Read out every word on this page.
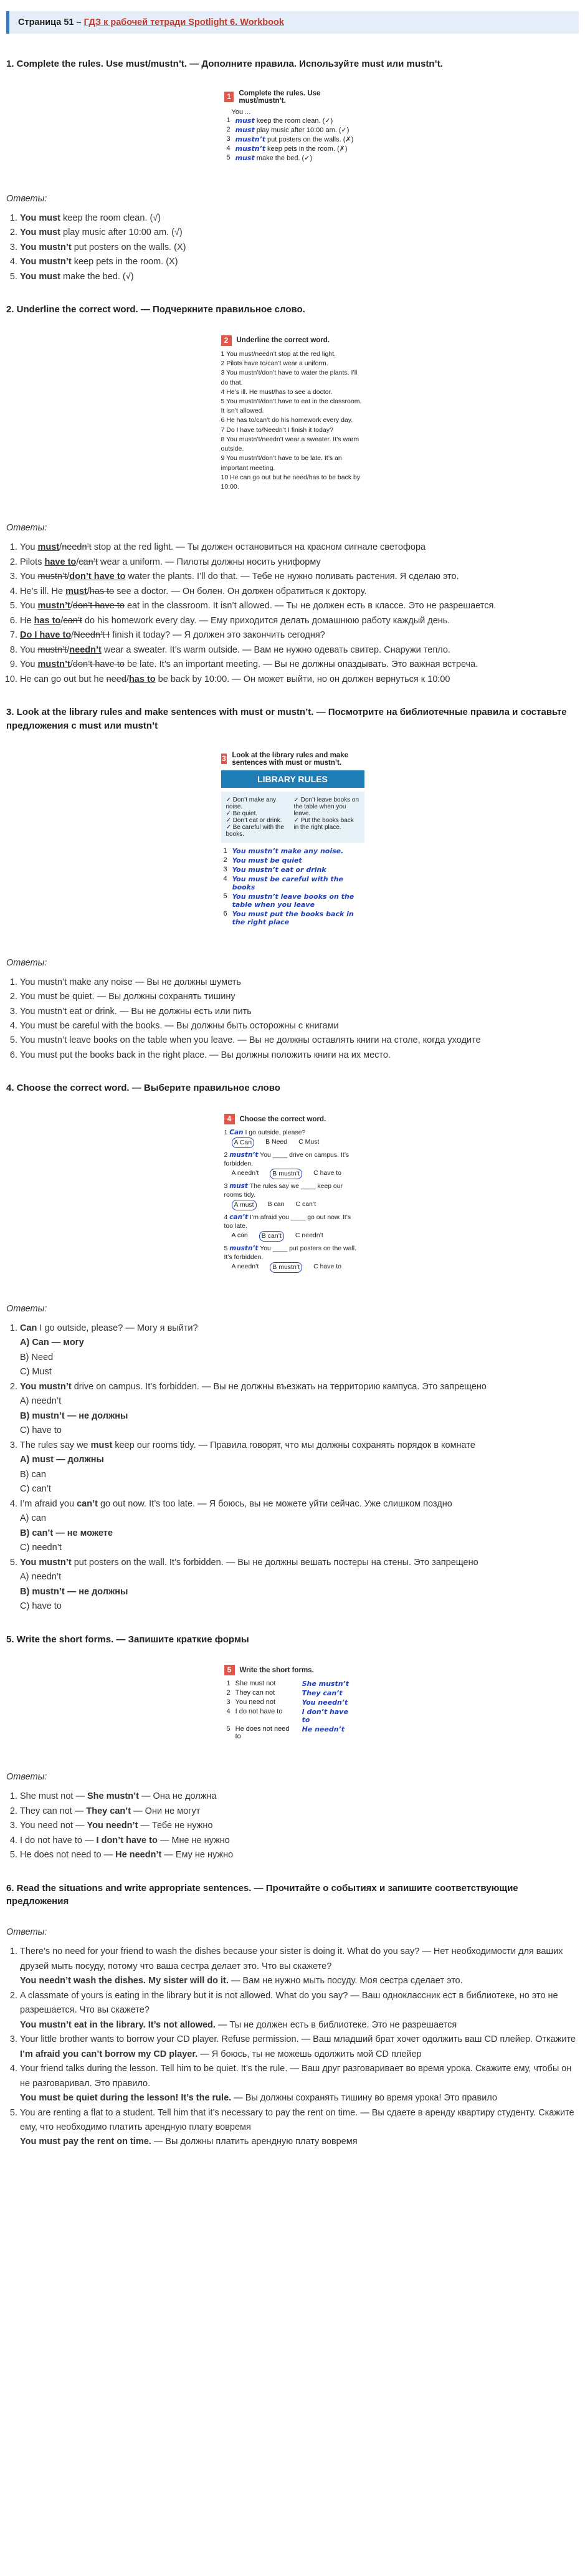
Страница 51 – ГДЗ к рабочей тетради Spotlight 6. Workbook
1. Complete the rules. Use must/mustn’t. — Дополните правила. Используйте must или mustn’t.
1	Complete the rules. Use must/mustn’t.
You ...
1	must keep the room clean. (✓)
2	must play music after 10:00 am. (✓)
3	mustn’t put posters on the walls. (✗)
4	mustn’t keep pets in the room. (✗)
5	must make the bed. (✓)
Ответы:
1. You must keep the room clean. (√)
2. You must play music after 10:00 am. (√)
3. You mustn’t put posters on the walls. (X)
4. You mustn’t keep pets in the room. (X)
5. You must make the bed. (√)
2. Underline the correct word. — Подчеркните правильное слово.
2	Underline the correct word.
1 You must/needn’t stop at the red light.
2 Pilots have to/can’t wear a uniform.
3 You mustn’t/don’t have to water the plants. I’ll do that.
4 He’s ill. He must/has to see a doctor.
5 You mustn’t/don’t have to eat in the classroom. It isn’t allowed.
6 He has to/can’t do his homework every day.
7 Do I have to/Needn’t I finish it today?
8 You mustn’t/needn’t wear a sweater. It’s warm outside.
9 You mustn’t/don’t have to be late. It’s an important meeting.
10 He can go out but he need/has to be back by 10:00.
Ответы:
1. You must/needn’t stop at the red light. — Ты должен остановиться на красном сигнале светофора
2. Pilots have to/can’t wear a uniform. — Пилоты должны носить униформу
3. You mustn’t/don’t have to water the plants. I’ll do that. — Тебе не нужно поливать растения. Я сделаю это.
4. He’s ill. He must/has to see a doctor. — Он болен. Он должен обратиться к доктору.
5. You mustn’t/don’t have to eat in the classroom. It isn’t allowed. — Ты не должен есть в классе. Это не разрешается.
6. He has to/can’t do his homework every day. — Ему приходится делать домашнюю работу каждый день.
7. Do I have to/Needn’t I finish it today? — Я должен это закончить сегодня?
8. You mustn’t/needn’t wear a sweater. It’s warm outside. — Вам не нужно одевать свитер. Снаружи тепло.
9. You mustn’t/don’t have to be late. It’s an important meeting. — Вы не должны опаздывать. Это важная встреча.
10. He can go out but he need/has to be back by 10:00. — Он может выйти, но он должен вернуться к 10:00
3. Look at the library rules and make sentences with must or mustn’t. — Посмотрите на библиотечные правила и составьте предложения с must или mustn’t
3 Look at the library rules and make sentences with must or mustn’t.
LIBRARY RULES
✓ Don’t make any noise.
✓ Be quiet.
✓ Don’t eat or drink.
✓ Be careful with the books.
✓ Don’t leave books on the table when you leave.
✓ Put the books back in the right place.
1	You mustn’t make any noise.
2	You must be quiet
3	You mustn’t eat or drink
4	You must be careful with the books
5	You mustn’t leave books on the table when you leave
6	You must put the books back in the right place
Ответы:
1. You mustn’t make any noise — Вы не должны шуметь
2. You must be quiet. — Вы должны сохранять тишину
3. You mustn’t eat or drink. — Вы не должны есть или пить
4. You must be careful with the books. — Вы должны быть осторожны с книгами
5. You mustn’t leave books on the table when you leave. — Вы не должны оставлять книги на столе, когда уходите
6. You must put the books back in the right place. — Вы должны положить книги на их место.
4. Choose the correct word. — Выберите правильное слово
4	Choose the correct word.
1 Can I go outside, please?
A Can	B Need C Must
2 mustn’t You ____ drive on campus. It’s forbidden.
A needn’t	B mustn’t	C have to
3 must The rules say we ____ keep our rooms tidy.
A must	B can C can’t
4 can’t I’m afraid you ____ go out now. It’s too late.
A can	B can’t	C needn’t
5 mustn’t You ____ put posters on the wall. It’s forbidden.
A needn’t	B mustn’t	C have to
Ответы:
1. Can I go outside, please? — Могу я выйти?
A) Can — могу
B) Need
C) Must
2. You mustn’t drive on campus. It’s forbidden. — Вы не должны въезжать на территорию кампуса. Это запрещено
A) needn’t
B) mustn’t — не должны
C) have to
3. The rules say we must keep our rooms tidy. — Правила говорят, что мы должны сохранять порядок в комнате
A) must — должны
B) can
C) can’t
4. I’m afraid you can’t go out now. It’s too late. — Я боюсь, вы не можете уйти сейчас. Уже слишком поздно
A) can
B) can’t — не можете
C) needn’t
5. You mustn’t put posters on the wall. It’s forbidden. — Вы не должны вешать постеры на стены. Это запрещено
A) needn’t
B) mustn’t — не должны
C) have to
5. Write the short forms. — Запишите краткие формы
5	Write the short forms.
1	She must not	She mustn’t
2	They can not	They can’t
3	You need not	You needn’t
4	I do not have to	I don’t have to
5	He does not need to	He needn’t
Ответы:
1. She must not — She mustn’t — Она не должна
2. They can not — They can’t — Они не могут
3. You need not — You needn’t — Тебе не нужно
4. I do not have to — I don’t have to — Мне не нужно
5. He does not need to — He needn’t — Ему не нужно
6. Read the situations and write appropriate sentences. — Прочитайте о событиях и запишите соответствующие предложения
Ответы:
1. There’s no need for your friend to wash the dishes because your sister is doing it. What do you say? — Нет необходимости для ваших друзей мыть посуду, потому что ваша сестра делает это. Что вы скажете?
You needn’t wash the dishes. My sister will do it. — Вам не нужно мыть посуду. Моя сестра сделает это.
2. A classmate of yours is eating in the library but it is not allowed. What do you say? — Ваш одноклассник ест в библиотеке, но это не разрешается. Что вы скажете?
You mustn’t eat in the library. It’s not allowed. — Ты не должен есть в библиотеке. Это не разрешается
3. Your little brother wants to borrow your CD player. Refuse permission. — Ваш младший брат хочет одолжить ваш CD плейер. Откажите
I’m afraid you can’t borrow my CD player. — Я боюсь, ты не можешь одолжить мой CD плейер
4. Your friend talks during the lesson. Tell him to be quiet. It’s the rule. — Ваш друг разговаривает во время урока. Скажите ему, чтобы он не разговаривал. Это правило.
You must be quiet during the lesson! It’s the rule. — Вы должны сохранять тишину во время урока! Это правило
5. You are renting a flat to a student. Tell him that it’s necessary to pay the rent on time. — Вы сдаете в аренду квартиру студенту. Скажите ему, что необходимо платить арендную плату вовремя
You must pay the rent on time. — Вы должны платить арендную плату вовремя
